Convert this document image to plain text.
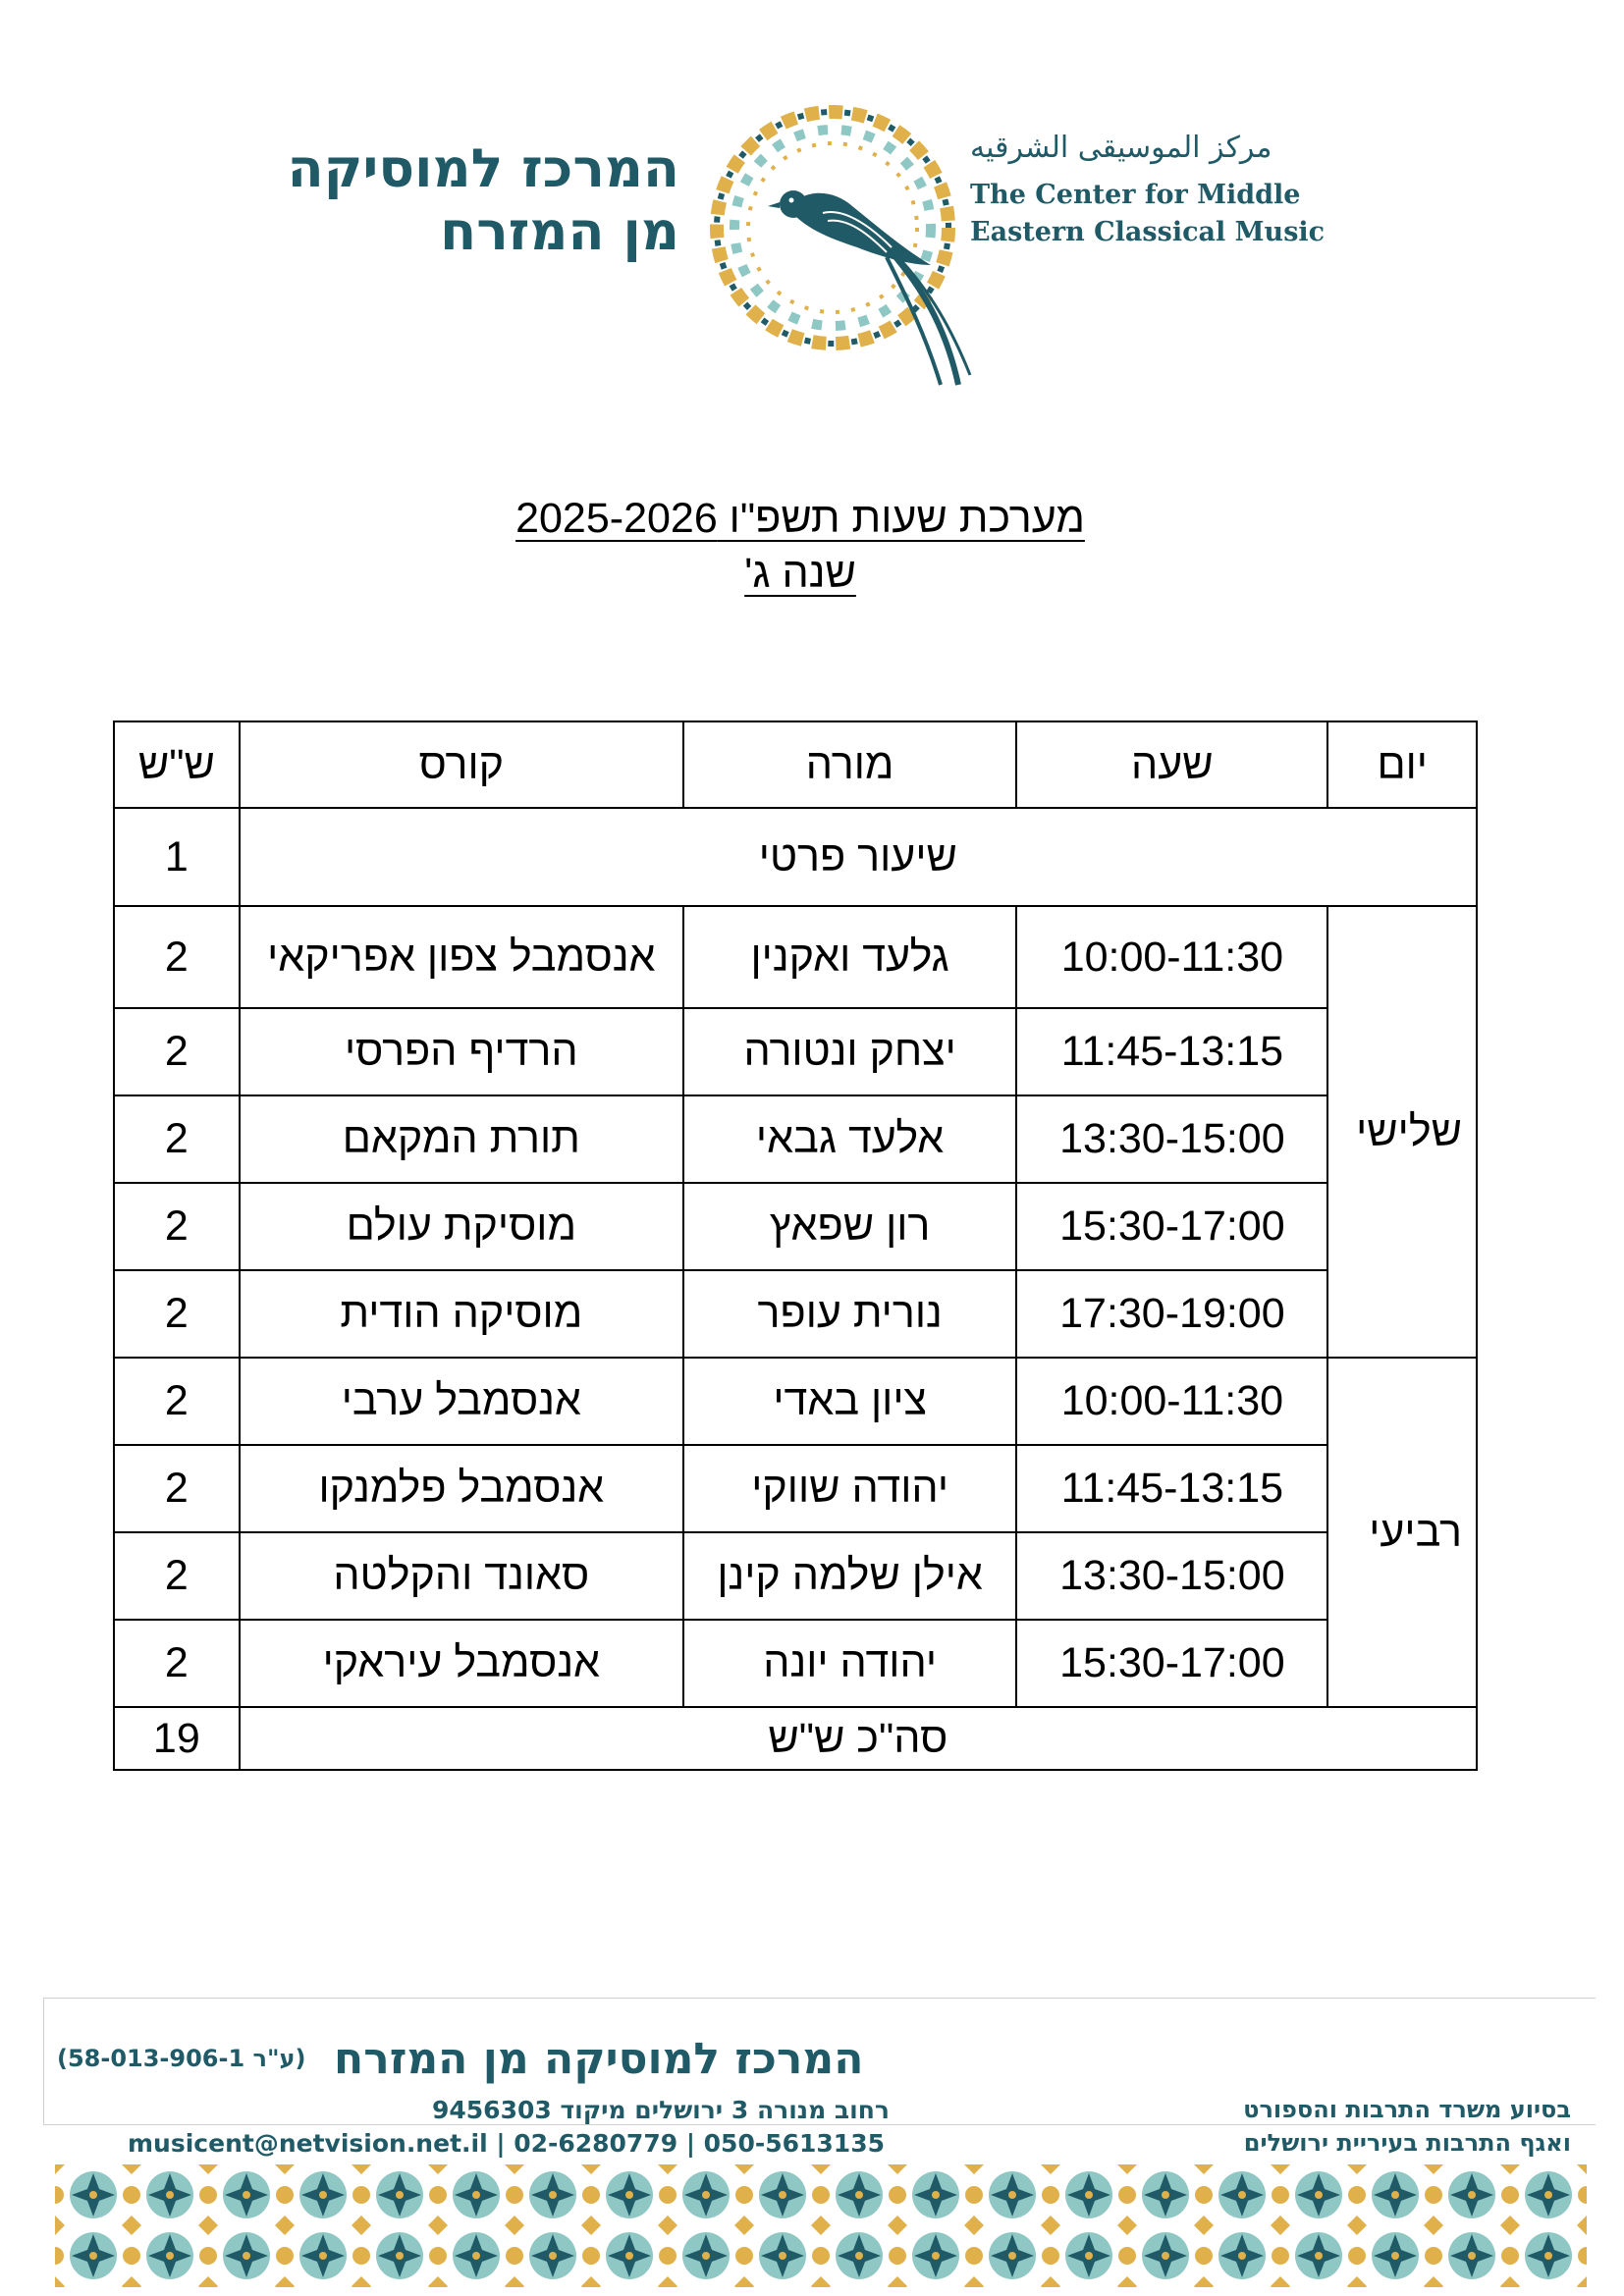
המרכז למוסיקה
מן המזרח
مركز الموسيقى الشرقيه
The Center for Middle
Eastern Classical Music
מערכת שעות תשפ"ו 2025-2026
שנה ג'
יום	שעה	מורה	קורס	ש"ש
שיעור פרטי				1
שלישי	10:00-11:30	גלעד ואקנין	אנסמבל צפון אפריקאי	2
	11:45-13:15	יצחק ונטורה	הרדיף הפרסי	2
	13:30-15:00	אלעד גבאי	תורת המקאם	2
	15:30-17:00	רון שפאץ	מוסיקת עולם	2
	17:30-19:00	נורית עופר	מוסיקה הודית	2
רביעי	10:00-11:30	ציון באדי	אנסמבל ערבי	2
	11:45-13:15	יהודה שווקי	אנסמבל פלמנקו	2
	13:30-15:00	אילן שלמה קינן	סאונד והקלטה	2
	15:30-17:00	יהודה יונה	אנסמבל עיראקי	2
סה"כ ש"ש				19
(ע"ר 58-013-906-1) המרכז למוסיקה מן המזרח
רחוב מנורה 3 ירושלים מיקוד 9456303
musicent@netvision.net.il | 02-6280779 | 050-5613135
בסיוע משרד התרבות והספורט
ואגף התרבות בעיריית ירושלים
